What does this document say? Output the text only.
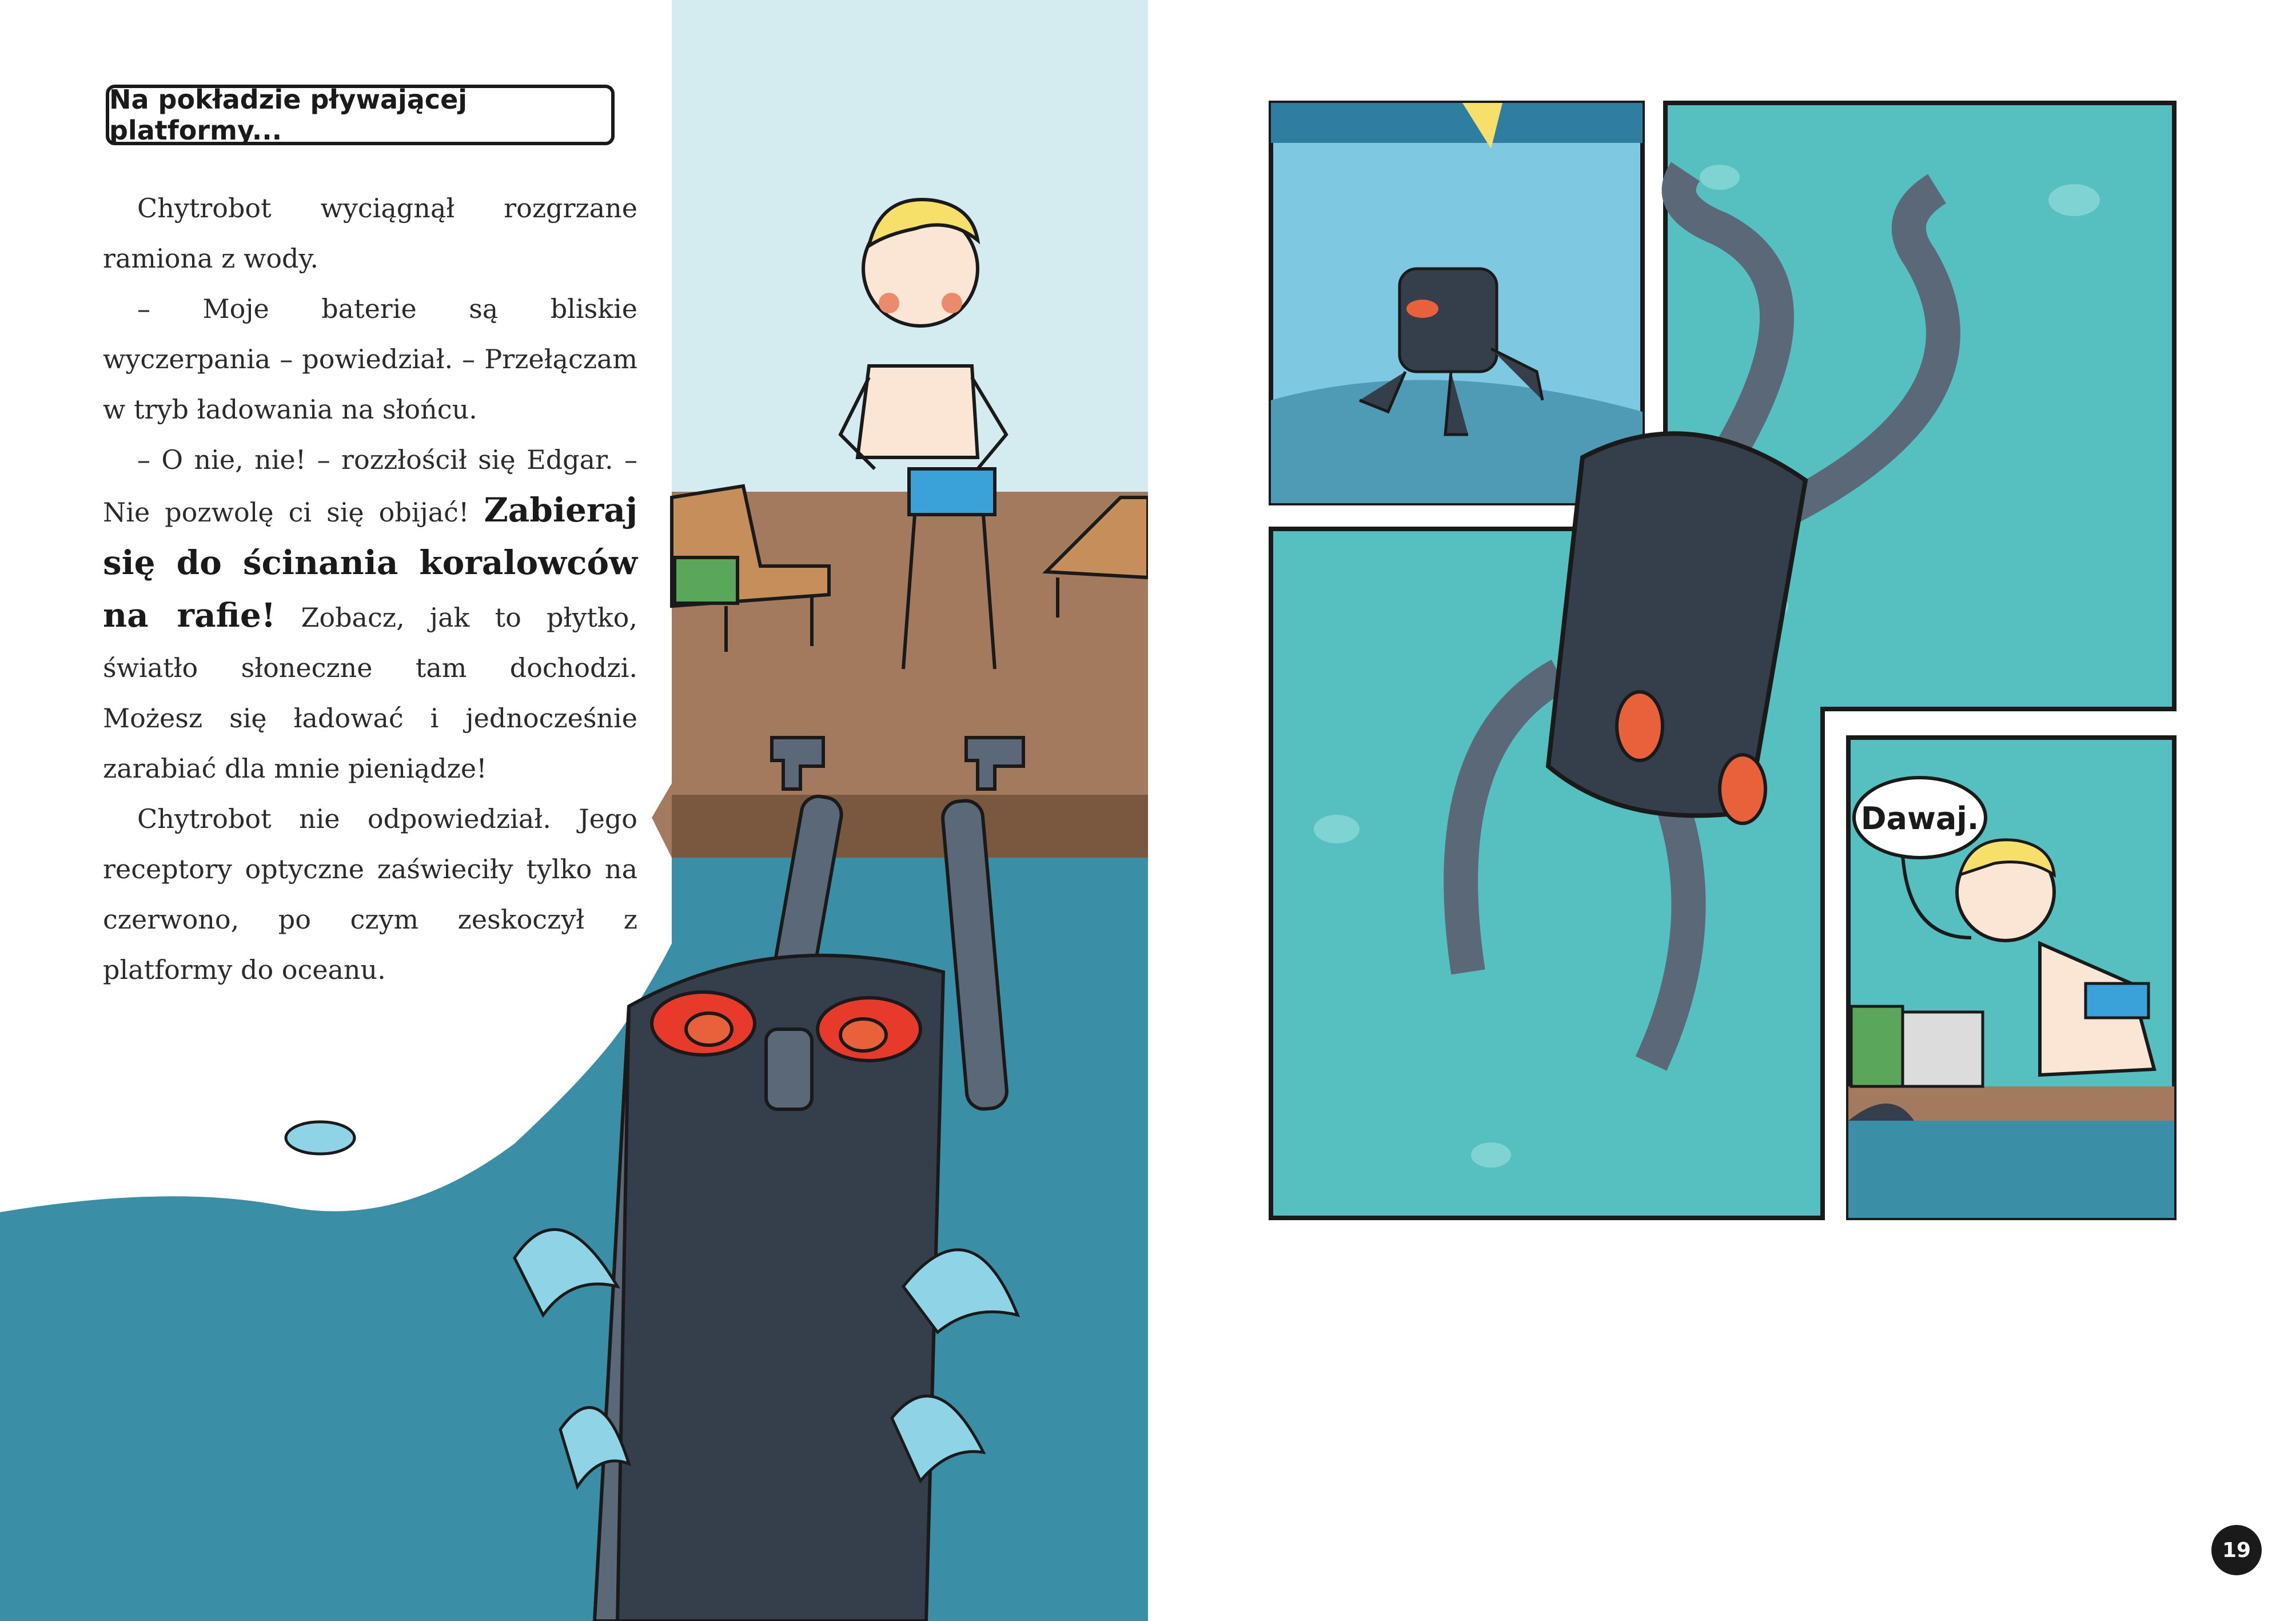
Na pokładzie pływającej platformy...

Chytrobot wyciągnął rozgrzane ramiona z wody.

– Moje baterie są bliskie wyczerpania – powiedział. – Przełączam w tryb ładowania na słońcu.

– O nie, nie! – rozzłościł się Edgar. – Nie pozwolę ci się obijać! Zabieraj się do ścinania koralowców na rafie! Zobacz, jak to płytko, światło słoneczne tam dochodzi. Możesz się ładować i jednocześnie zarabiać dla mnie pieniądze!

Chytrobot nie odpowiedział. Jego receptory optyczne zaświeciły tylko na czerwono, po czym zeskoczył z platformy do oceanu.

Dawaj.

19
